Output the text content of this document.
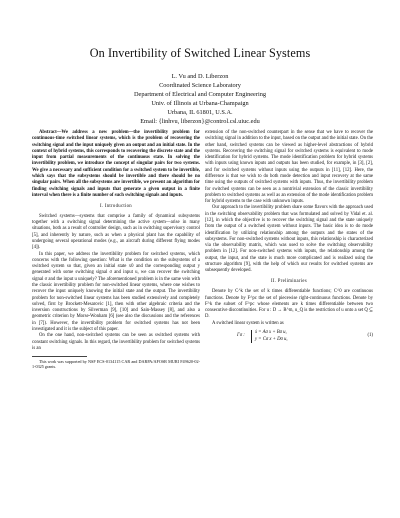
On Invertibility of Switched Linear Systems
L. Vu and D. Liberzon
Coordinated Science Laboratory
Department of Electrical and Computer Engineering
Univ. of Illinois at Urbana-Champaign
Urbana, IL 61801, U.S.A.
Email: {linhvu, liberzon}@control.csl.uiuc.edu

Abstract—We address a new problem—the invertibility problem for continuous-time switched linear systems, which is the problem of recovering the switching signal and the input uniquely given an output and an initial state. In the context of hybrid systems, this corresponds to recovering the discrete state and the input from partial measurements of the continuous state. In solving the invertibility problem, we introduce the concept of singular pairs for two systems. We give a necessary and sufficient condition for a switched system to be invertible, which says that the subsystems should be invertible and there should be no singular pairs. When all the subsystems are invertible, we present an algorithm for finding switching signals and inputs that generate a given output in a finite interval when there is a finite number of such switching signals and inputs.

I. Introduction

Switched systems—systems that comprise a family of dynamical subsystems together with a switching signal determining the active system—arise in many situations, both as a result of controller design, such as in switching supervisory control [5], and inherently by nature, such as when a physical plant has the capability of undergoing several operational modes (e.g., an aircraft during different flying modes [4]).

In this paper, we address the invertibility problem for switched systems, which concerns with the following question: What is the condition on the subsystems of a switched system so that, given an initial state x0 and the corresponding output y generated with some switching signal σ and input u, we can recover the switching signal σ and the input u uniquely? The aforementioned problem is in the same vein with the classic invertibility problem for non-switched linear systems, where one wishes to recover the input uniquely knowing the initial state and the output. The invertibility problem for non-switched linear systems has been studied extensively and completely solved, first by Brockett-Mesarovic [1], then with other algebraic criteria and the inversion constructions by Silverman [9], [10] and Sain-Massey [8], and also a geometric criterion by Morse-Wonham [6] (see also the discussions and the references in [7]). However, the invertibility problem for switched systems has not been investigated and it is the subject of this paper.

On the one hand, non-switched systems can be seen as switched systems with constant switching signals. In this regard, the invertibility problem for switched systems is an

This work was supported by NSF ECS-0134115 CAR and DARPA/AFOSR MURI F49620-02-1-0325 grants.

extension of the non-switched counterpart in the sense that we have to recover the switching signal in addition to the input, based on the output and the initial state. On the other hand, switched systems can be viewed as higher-level abstractions of hybrid systems. Recovering the switching signal for switched systems is equivalent to mode identification for hybrid systems. The mode identification problem for hybrid systems with inputs using known inputs and outputs has been studied, for example, in [3], [2], and for switched systems without inputs using the outputs in [11], [12]. Here, the difference is that we wish to do both mode detection and input recovery at the same time using the outputs of switched systems with inputs. Thus, the invertibility problem for switched systems can be seen as a nontrivial extension of the classic invertibility problem to switched systems as well as an extension of the mode identification problem for hybrid systems to the case with unknown inputs.

Our approach to the invertibility problem share some flavors with the approach used in the switching observability problem that was formulated and solved by Vidal et. al. [12], in which the objective is to recover the switching signal and the state uniquely from the output of a switched system without inputs. The basic idea is to do mode identification by utilizing relationship among the outputs and the states of the subsystems. For non-switched systems without inputs, this relationship is characterized via the observability matrix, which was used to solve the switching observability problem in [12]. For non-switched systems with inputs, the relationship among the output, the input, and the state is much more complicated and is realized using the structure algorithm [9], with the help of which our results for switched systems are subsequently developed.

II. Preliminaries

Denote by C^k the set of k times differentiable functions; C^0 are continuous functions. Denote by F^pc the set of piecewise right-continuous functions. Denote by F^k the subset of F^pc whose elements are k times differentiable between two consecutive discontinuities. For u : D → R^m, u_Q is the restriction of u onto a set Q ⊆ D.

A switched linear system is written as

Γσ :
ẋ = Aσ x + Bσ u,
y = Cσ x + Dσ u,
(1)
